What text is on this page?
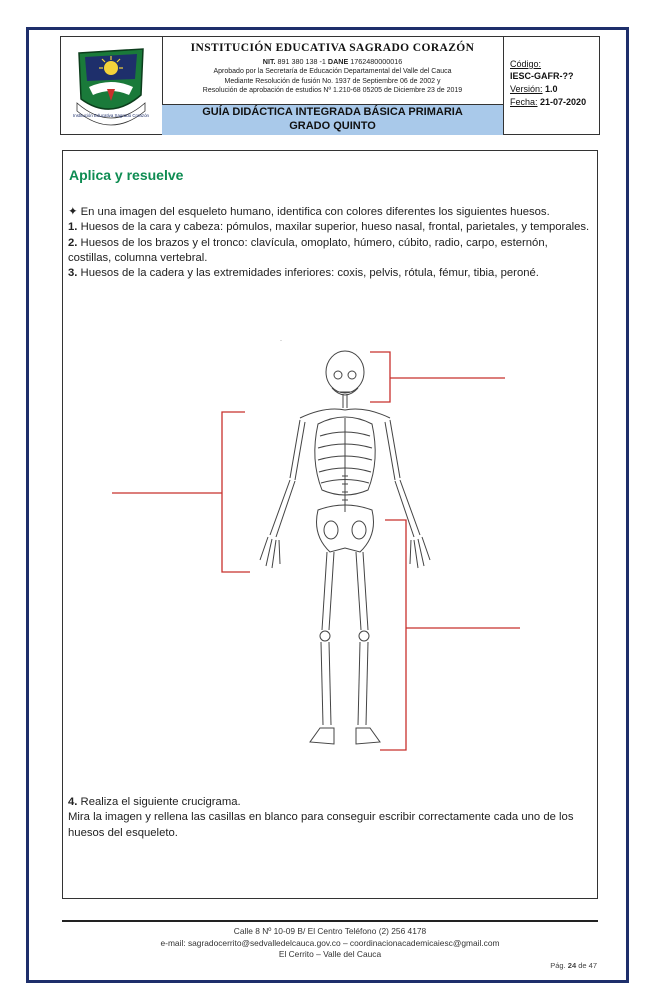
Institución Educativa Sagrado Corazón
INSTITUCIÓN EDUCATIVA SAGRADO CORAZÓN
NIT. 891 380 138 -1 DANE 1762480000016
Aprobado por la Secretaría de Educación Departamental del Valle del Cauca
Mediante Resolución de fusión No. 1937 de Septiembre 06 de 2002 y
Resolución de aprobación de estudios Nº 1.210-68 05205 de Diciembre 23 de 2019
GUÍA DIDÁCTICA INTEGRADA BÁSICA PRIMARIA
GRADO QUINTO
Código:
IESC-GAFR-??
Versión: 1.0
Fecha: 21-07-2020
Aplica y resuelve

✦ En una imagen del esqueleto humano, identifica con colores diferentes los siguientes huesos.

1. Huesos de la cara y cabeza: pómulos, maxilar superior, hueso nasal, frontal, parietales, y temporales.

2. Huesos de los brazos y el tronco: clavícula, omoplato, húmero, cúbito, radio, carpo, esternón, costillas, columna vertebral.

3. Huesos de la cadera y las extremidades inferiores: coxis, pelvis, rótula, fémur, tibia, peroné.

·

4. Realiza el siguiente crucigrama.

Mira la imagen y rellena las casillas en blanco para conseguir escribir correctamente cada uno de los huesos del esqueleto.

Calle 8 Nº 10-09 B/ El Centro Teléfono (2) 256 4178
e-mail: sagradocerrito@sedvalledelcauca.gov.co – coordinacionacademicaiesc@gmail.com
El Cerrito – Valle del Cauca
Pág. 24 de 47
